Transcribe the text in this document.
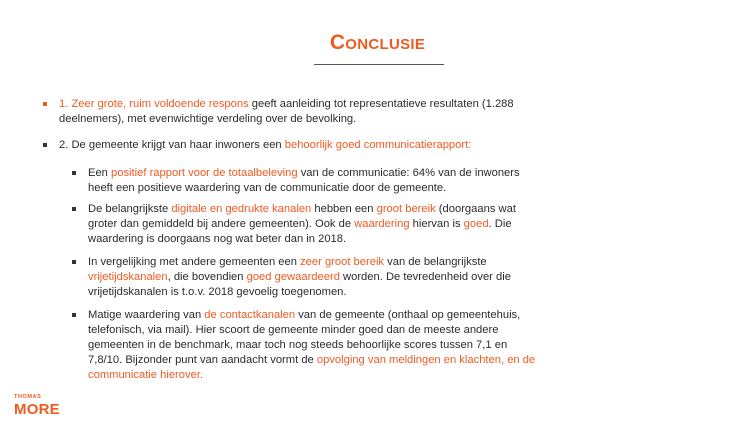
Conclusie
1. Zeer grote, ruim voldoende respons geeft aanleiding tot representatieve resultaten (1.288 deelnemers), met evenwichtige verdeling over de bevolking.
2. De gemeente krijgt van haar inwoners een behoorlijk goed communicatierapport:
Een positief rapport voor de totaalbeleving van de communicatie: 64% van de inwoners heeft een positieve waardering van de communicatie door de gemeente.
De belangrijkste digitale en gedrukte kanalen hebben een groot bereik (doorgaans wat groter dan gemiddeld bij andere gemeenten). Ook de waardering hiervan is goed. Die waardering is doorgaans nog wat beter dan in 2018.
In vergelijking met andere gemeenten een zeer groot bereik van de belangrijkste vrijetijdskanalen, die bovendien goed gewaardeerd worden. De tevredenheid over die vrijetijdskanalen is t.o.v. 2018 gevoelig toegenomen.
Matige waardering van de contactkanalen van de gemeente (onthaal op gemeentehuis, telefonisch, via mail). Hier scoort de gemeente minder goed dan de meeste andere gemeenten in de benchmark, maar toch nog steeds behoorlijke scores tussen 7,1 en 7,8/10. Bijzonder punt van aandacht vormt de opvolging van meldingen en klachten, en de communicatie hierover.
THOMAS
MORE
